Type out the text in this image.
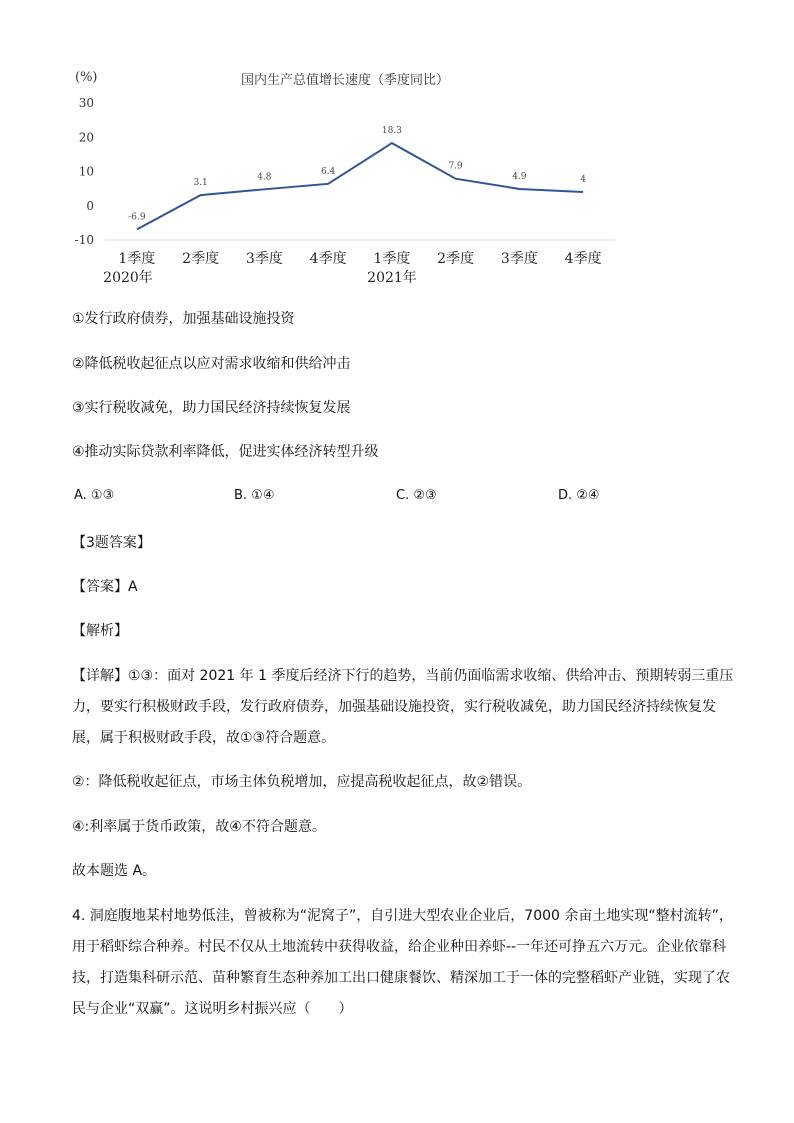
(%)	国内生产总值增长速度（季度同比）
30
20
10
0
-10
-6.9
3.1
4.8
6.4
18.3
7.9
4.9	4
1季度 2季度 3季度 4季度 1季度 2季度 3季度 4季度
2020年	2021年
①发行政府债券，加强基础设施投资
②降低税收起征点以应对需求收缩和供给冲击
③实行税收减免，助力国民经济持续恢复发展
④推动实际贷款利率降低，促进实体经济转型升级
A. ①③	B. ①④	C. ②③	D. ②④
【3题答案】
【答案】A
【解析】
【详解】①③：面对 2021 年 1 季度后经济下行的趋势，当前仍面临需求收缩、供给冲击、预期转弱三重压力，要实行积极财政手段，发行政府债券，加强基础设施投资，实行税收减免，助力国民经济持续恢复发展，属于积极财政手段，故①③符合题意。
②：降低税收起征点，市场主体负税增加，应提高税收起征点，故②错误。
④:利率属于货币政策，故④不符合题意。
故本题选 A。
4. 洞庭腹地某村地势低洼，曾被称为“泥窝子”，自引进大型农业企业后，7000 余亩土地实现“整村流转”，用于稻虾综合种养。村民不仅从土地流转中获得收益，给企业种田养虾--一年还可挣五六万元。企业依靠科技，打造集科研示范、苗种繁育生态种养加工出口健康餐饮、精深加工于一体的完整稻虾产业链，实现了农民与企业“双赢”。这说明乡村振兴应（　　）
